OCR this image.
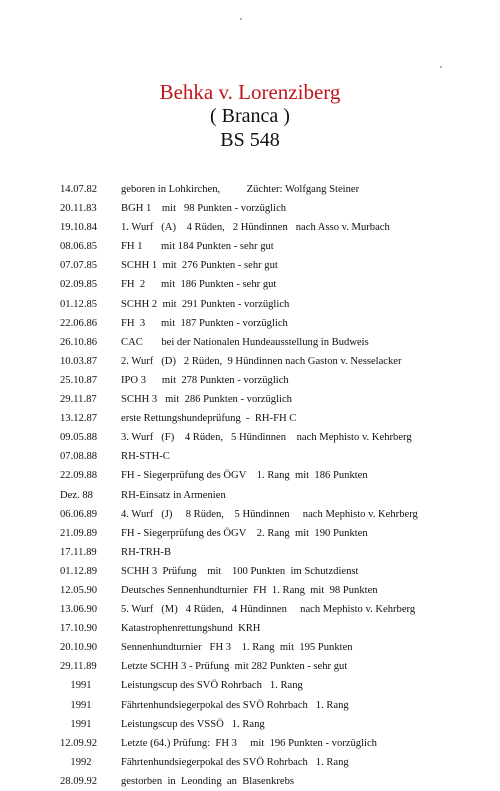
Behka v. Lorenziberg
( Branca )
BS 548
14.07.82	geboren in Lohkirchen,          Züchter: Wolfgang Steiner
20.11.83	BGH 1    mit   98 Punkten - vorzüglich
19.10.84	1. Wurf   (A)    4 Rüden,   2 Hündinnen   nach Asso v. Murbach
08.06.85	FH 1       mit 184 Punkten - sehr gut
07.07.85	SCHH 1  mit  276 Punkten - sehr gut
02.09.85	FH  2      mit  186 Punkten - sehr gut
01.12.85	SCHH 2  mit  291 Punkten - vorzüglich
22.06.86	FH  3      mit  187 Punkten - vorzüglich
26.10.86	CAC       bei der Nationalen Hundeausstellung in Budweis
10.03.87	2. Wurf   (D)   2 Rüden,  9 Hündinnen nach Gaston v. Nesselacker
25.10.87	IPO 3      mit  278 Punkten - vorzüglich
29.11.87	SCHH 3   mit  286 Punkten - vorzüglich
13.12.87	erste Rettungshundeprüfung  -  RH-FH C
09.05.88	3. Wurf   (F)    4 Rüden,   5 Hündinnen    nach Mephisto v. Kehrberg
07.08.88	RH-STH-C
22.09.88	FH - Siegerprüfung des ÖGV    1. Rang  mit  186 Punkten
Dez. 88	RH-Einsatz in Armenien
06.06.89	4. Wurf   (J)     8 Rüden,    5 Hündinnen     nach Mephisto v. Kehrberg
21.09.89	FH - Siegerprüfung des ÖGV    2. Rang  mit  190 Punkten
17.11.89	RH-TRH-B
01.12.89	SCHH 3  Prüfung    mit    100 Punkten  im Schutzdienst
12.05.90	Deutsches Sennenhundturnier  FH  1. Rang  mit  98 Punkten
13.06.90	5. Wurf   (M)   4 Rüden,   4 Hündinnen     nach Mephisto v. Kehrberg
17.10.90	Katastrophenrettungshund  KRH
20.10.90	Sennenhundturnier   FH 3    1. Rang  mit  195 Punkten
29.11.89	Letzte SCHH 3 - Prüfung  mit 282 Punkten - sehr gut
1991	Leistungscup des SVÖ Rohrbach   1. Rang
1991	Fährtenhundsiegerpokal des SVÖ Rohrbach   1. Rang
1991	Leistungscup des VSSÖ   1. Rang
12.09.92	Letzte (64.) Prüfung:  FH 3     mit  196 Punkten - vorzüglich
1992	Fährtenhundsiegerpokal des SVÖ Rohrbach   1. Rang
28.09.92	gestorben  in  Leonding  an  Blasenkrebs
